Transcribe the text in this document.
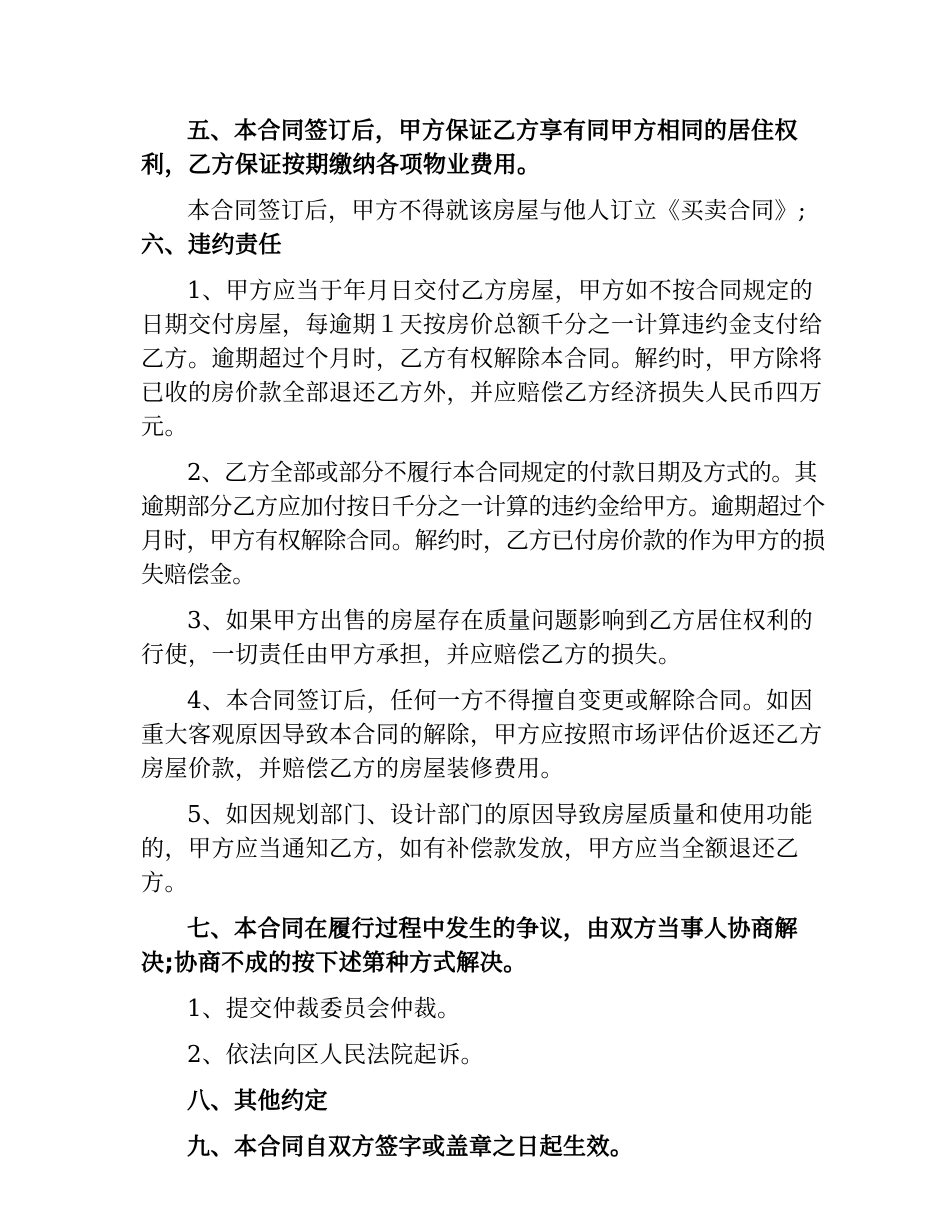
五、本合同签订后，甲方保证乙方享有同甲方相同的居住权利，乙方保证按期缴纳各项物业费用。

本合同签订后，甲方不得就该房屋与他人订立《买卖合同》;六、违约责任

1、甲方应当于年月日交付乙方房屋，甲方如不按合同规定的日期交付房屋，每逾期１天按房价总额千分之一计算违约金支付给乙方。逾期超过个月时，乙方有权解除本合同。解约时，甲方除将已收的房价款全部退还乙方外，并应赔偿乙方经济损失人民币四万元。

2、乙方全部或部分不履行本合同规定的付款日期及方式的。其逾期部分乙方应加付按日千分之一计算的违约金给甲方。逾期超过个月时，甲方有权解除合同。解约时，乙方已付房价款的作为甲方的损失赔偿金。

3、如果甲方出售的房屋存在质量问题影响到乙方居住权利的行使，一切责任由甲方承担，并应赔偿乙方的损失。

4、本合同签订后，任何一方不得擅自变更或解除合同。如因重大客观原因导致本合同的解除，甲方应按照市场评估价返还乙方房屋价款，并赔偿乙方的房屋装修费用。

5、如因规划部门、设计部门的原因导致房屋质量和使用功能的，甲方应当通知乙方，如有补偿款发放，甲方应当全额退还乙方。

七、本合同在履行过程中发生的争议，由双方当事人协商解决;协商不成的按下述第种方式解决。

1、提交仲裁委员会仲裁。

2、依法向区人民法院起诉。

八、其他约定

九、本合同自双方签字或盖章之日起生效。
